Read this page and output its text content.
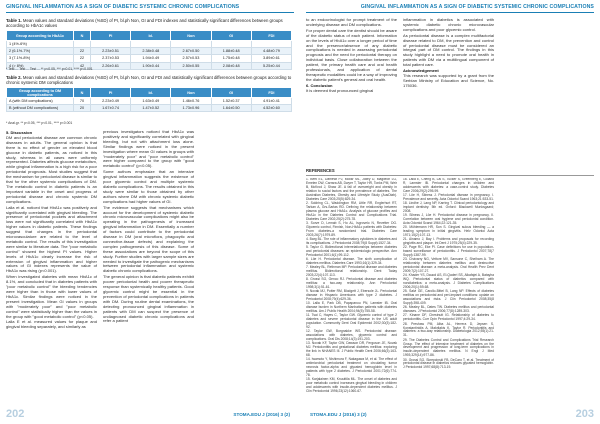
GINGIVAL INFLAMMATION AS A SIGN OF DIABETIC SYSTEMIC CHRONIC COMPLICATIONS
Table 1. Mean values and standard deviations (%SD) of PI, bl.ph Non, GI and FDI indexes and statistically significant differences between groups according to HbA1c values
Group according to HbA1c	N	PI	bl.	Non	GI	FDI
1 (4%-6%)						
2 (6.1%-7%)	22	2.23±0.51	2.38±0.48	2.67±0.50	1.88±0.48	4.48±0.79
3 (7.1%-8%)	22	2.37±0.53	1.94±0.49	2.57±0.53	1.75±0.48	3.89±0.61
4 (> 8%)	42	2.26±0.61	1.90±0.44	2.50±0.55	2.08±0.48	5.25±0.44
* Test ... Test ... Test ... ** p<0.05, *** p<0.01, **** p<0.001
Table 2. Mean values and standard deviations (%SD) of PI, bl.ph Non, GI and FDI and statistically significant differences between groups according to chronic systemic DM complications
Group according to DM complications	N	PI	bl.	Non	GI	FDI
A (with DM complications)	70	2.23±0.49	1.63±0.49	1.46±0.76	1.52±0.37	4.91±0.41
B (without DM complications)	20	1.67±0.74	1.47±0.52	1.73±0.96	1.64±0.50	4.52±0.60
* Anal.gr. ** p<0.05, *** p<0.01, **** p<0.001
5. Discussion

DM and periodontal disease are common chronic diseases in adults. The general opinion is that there is no effect of gender on elevated blood glucose in diabetic patients, as noticed in this study, whereas in all cases were uniformly represented. Diabetes affects glucose metabolism, while gingival inflammation is a high risk for a poor periodontal prognosis. Most studies suggest that the mechanism for periodontal disease is similar to that for the other systemic complications of DM. The metabolic control in diabetic patients is an important variable in the onset and progress of periodontal disease and chronic systemic DM complications.

Lalla et al. noticed that HbA1c was positively and significantly correlated with gingival bleeding. The presence of periodontal pockets and attachment loss were not significantly correlated with HbA1c higher values in diabetic patients. These findings suggest that changes in the periodontal microvasculature are related to the level of metabolic control. The results of this investigation were similar to literature data. The "poor metabolic control" showed the highest PI values. Higher levels of HbA1c clearly increase the risk of extension of gingival inflammation and higher values of GI indexes represents the value of HbA1c was rising (p<0.001).

When investigated diabetes with mean HbA1c of 8.1%, and concluded that in diabetes patients with "poor metabolic control" the bleeding tendencies were higher than in those with lower values of HbA1c. Similar findings were noticed in the present investigation. Mean GI values in groups with "moderately poor" and "poor metabolic control" were statistically higher than the values in the group with "good metabolic control" (p<0.05).

Lalla E et al. measured values for plaque and gingival bleeding separately, and similarly as

previous investigators noticed that HbA1c was positively and significantly correlated with gingival bleeding, but not with attachment loss alone. Similar findings were noticed in the present investigation where mean GI values in groups with "moderately poor" and "poor metabolic control" were higher compared to the group with "good metabolic control" (p<0.05).

Some authors emphasize that an intensive gingival inflammation suggests the existence of poor glycemic control and multiple systemic diabetic complications. The results obtained in this study were similar to those obtained by other authors where DM with chronic systemic diabetic complications had higher values of GI.

The evidence suggests that mechanisms which account for the development of systemic diabetic chronic microvascular complications might also be operating in the pathogenesis of increased gingival inflammation in DM. Essentially a number of factors could contribute to the periodontal disease in DM (oral microflora, phagocytic and connective-tissue defects) and explaining the complex pathogenesis of this disease. Some of these associations are beyond the scope of this study. Further studies with larger sample sizes are needed to investigate the pathogenic mechanisms between periodontal inflammation and systemic diabetic chronic complications.

The general opinion is that diabetic patients exhibit poorer periodontal health and poorer therapeutic response than systemically healthy patients. Good glycemic control might be essential in the prevention of periodontal complications in patients with DM. During routine dental examinations, the detecting pronounced gingival inflammation in patients with DM can suspect the presence of undiagnosed diabetic chronic complications and refer a patient

202	STOMA.EDU J (2016) 3 (2)
GINGIVAL INFLAMMATION AS A SIGN OF DIABETIC SYSTEMIC CHRONIC COMPLICATIONS

to an endocrinologist for prompt treatment of the underlying disease and DM complications.

For proper dental care the dentist should be aware of the diabetic status of each patient. Information on the levels of HbA1c over a longer period of time and the presence/absence of any diabetic complications is needed in assessing periodontal prognosis and the need for periodontal therapy on individual basis. Close collaboration between the patient, the primary health care and oral health professionals, and application of dental therapeutic modalities could be a way of improving the diabetic patient's general and oral health.

6. Conclusion

It is deemed that pronounced gingival

inflammation in diabetics is associated with systemic diabetic chronic microvascular complications and poor glycemic control.

As periodontal disease is a complex multifactorial disease related to DM, the prevention and control of periodontal disease must be considered an integral part of DM control. The findings in this study highlight a need to promote oral health in patients with DM via a multilingual component of total patient care.

Acknowledgement

This research was supported by a grant from the Serbian Ministry of Education and Science, No. 175036.

REFERENCES
1. Berti EL, Damewt PJ, Mollkr ML, Jolley D, Maglleon LG, Emelen DW, Carrara AB, Dwyer T, Taylor HR, Tonks PM, Weir B, McKrod J, Shaw JE. A fall of overweight and obesity in relation to social factors and the prevalence of diabetes. The Australian Diabetes, Obesity and Lifestyle Study (AusDiab). Diabetes Care 2003;25(5):829-34.
2. Soldring CL, Waddington RM, Little RR, Englerhurt RT, Tarkan A, Grs-Sarlas RD. Defining the relationship between plasma glucose and HbA1c. Analysis of glucose profiles and HbA1c in the Diabetes Control and Complications Trial. Diabetes Care 2002;25(2):275-78.
3. Sorve D, Lemab S, Ho AL, Isgrovelo N, Revetter DG. Glycemic control, Finnish, Non-HbA1c patients with Diabetes: From diabetes-a randomized trial. Diabetes Care 2003;26(7):1979-89.
4. Barg BL. The role of inflammatory cytokines in diabetes and its complications. J Periodontol 2008;79(8 Suppl):1527-34.
5. Taylor G. Bidirectional interrelationships between diabetes and periodontal diseases: an epidemiologic perspective. Ann Periodontol 2001;6(1):99-112.
6. Löe H. Periodontal disease. The sixth complication of diabetes mellitus. Diabetes Care 1993;16(1):329-34.
7. Mealey BL, Rethman MP. Periodontal disease and diabetes mellitus. Bidirectional relationship. Dent Today 2003;22(4):107-113.
8. Grossi SG, Genco RJ. Periodontal disease and diabetes mellitus: a two-way relationship. Ann Periodontol 1998;3(1):51-61.
9. Novak MJ, Potter RM, Blodgett J, Ebersole JL. Periodontal disease in Hispanic Americans with type 2 diabetes. J Periodontol 2008;79(4):629-36.
10. Lalla E, Park DB, Papapanou PN, Lamster IB. Oral disease burden in Northern Manhattan patients with diabetes mellitus. Am J Public Health 2004;94(5):755-58.
11. Tsai C, Hayes C, Taylor GW. Glycemic control of type 2 diabetes and severe periodontal disease in the US adult population. Community Dent Oral Epidemiol 2002;30(3):182-92.
12. Taylor GW, Borgnakke WS. Periodontal disease: associations with diabetes, glycemic control and complications. Oral Dis 2008;14(3):191-203.
13. Novak KF, Taylor GW, Dawson DR, Ferguson JE, Novak MJ. Periodontitis and gestational diabetes mellitus: exploring the link in NHANES III. J Public Health Dent 2006;66(3):163-68.
14. Iwamoto Y, Nishimura F, Nakagawa M, et al. The effect of antimicrobial periodontal treatment on circulating tumor necrosis factor-alpha and glycated hemoglobin level in patients with type 2 diabetes. J Periodontol 2001;72(6):774-78.
15. Karjalainen KM, Knuuttila ML. The onset of diabetes and poor metabolic control increases gingival bleeding in children and adolescents with insulin-dependent diabetes mellitus. J Clin Periodontol 1996;23(12):1060-67.
16. Lalla E, Cheng B, Lal S, Tucker S, Greenberg E, Goland R, Lamster IB. Periodontal changes in children and adolescents with diabetes: a case-control study. Diabetes Care 2006;29(2):295-99.
17. Löe H, Silness J. Periodontal disease in pregnancy. I. Prevalence and severity. Acta Odontol Scand 1963;21:533-51.
18. Lindhe J, Lang NP, Karring T. Clinical periodontology and implant dentistry. 5th ed. Oxford: Blackwell Munksgaard; 2008.
19. Silness J, Löe H. Periodontal disease in pregnancy. II. Correlation between oral hygiene and periodontal condition. Acta Odontol Scand 1964;22:121-35.
20. Mühlemann HR, Son S. Gingival sulcus bleeding — a leading symptom in initial gingivitis. Helv Odontol Acta 1971;15(2):107-13.
21. Ainamo J, Bay I. Problems and proposals for recording gingivitis and plaque. Int Dent J 1975;25(4):229-35.
22. Page RC, Eke PI. Case definitions for use in population-based surveillance of periodontitis. J Periodontol 2007;78(7 Suppl):1387-99.
23. Chávarry NG, Vettore MV, Sansone C, Sheiham A. The relationship between diabetes mellitus and destructive periodontal disease: a meta-analysis. Oral Health Prev Dent 2009;7(2):107-27.
24. Khader YS, Dauod AS, El-Qaderi SS, Alkafajei A, Batayha WQ. Periodontal status of diabetics compared with nondiabetics: a meta-analysis. J Diabetes Complications 2006;20(1):59-68.
25. Salvi GE, Carollo-Bittel B, Lang NP. Effects of diabetes mellitus on periodontal and peri-implant conditions: update on associations and risks. J Clin Periodontol 2008;35(8 Suppl):398-409.
26. Mealey BL, Oates TW. Diabetes mellitus and periodontal diseases. J Periodontol 2006;77(8):1289-303.
27. Kinane DF, Chestnutt IG. Relationship of diabetes to periodontitis. Curr Opin Periodontol 1997;4:29-34.
28. Preshaw PM, Alba AL, Herrera D, Jepsen S, Konstantinidis A, Makrilakis K, Taylor R. Periodontitis and diabetes: a two-way relationship. Diabetologia 2012;55(1):21-31.
29. The Diabetes Control and Complications Trial Research Group. The effect of intensive treatment of diabetes on the development and progression of long-term complications in insulin-dependent diabetes mellitus. N Engl J Med 1993;329(14):977-86.
30. Grossi SG, Skrepcinski FB, DeCaro T, et al. Treatment of periodontal disease in diabetics reduces glycated hemoglobin. J Periodontol 1997;68(8):713-19.
203
STOMA.EDU J (2016) 3 (2)
